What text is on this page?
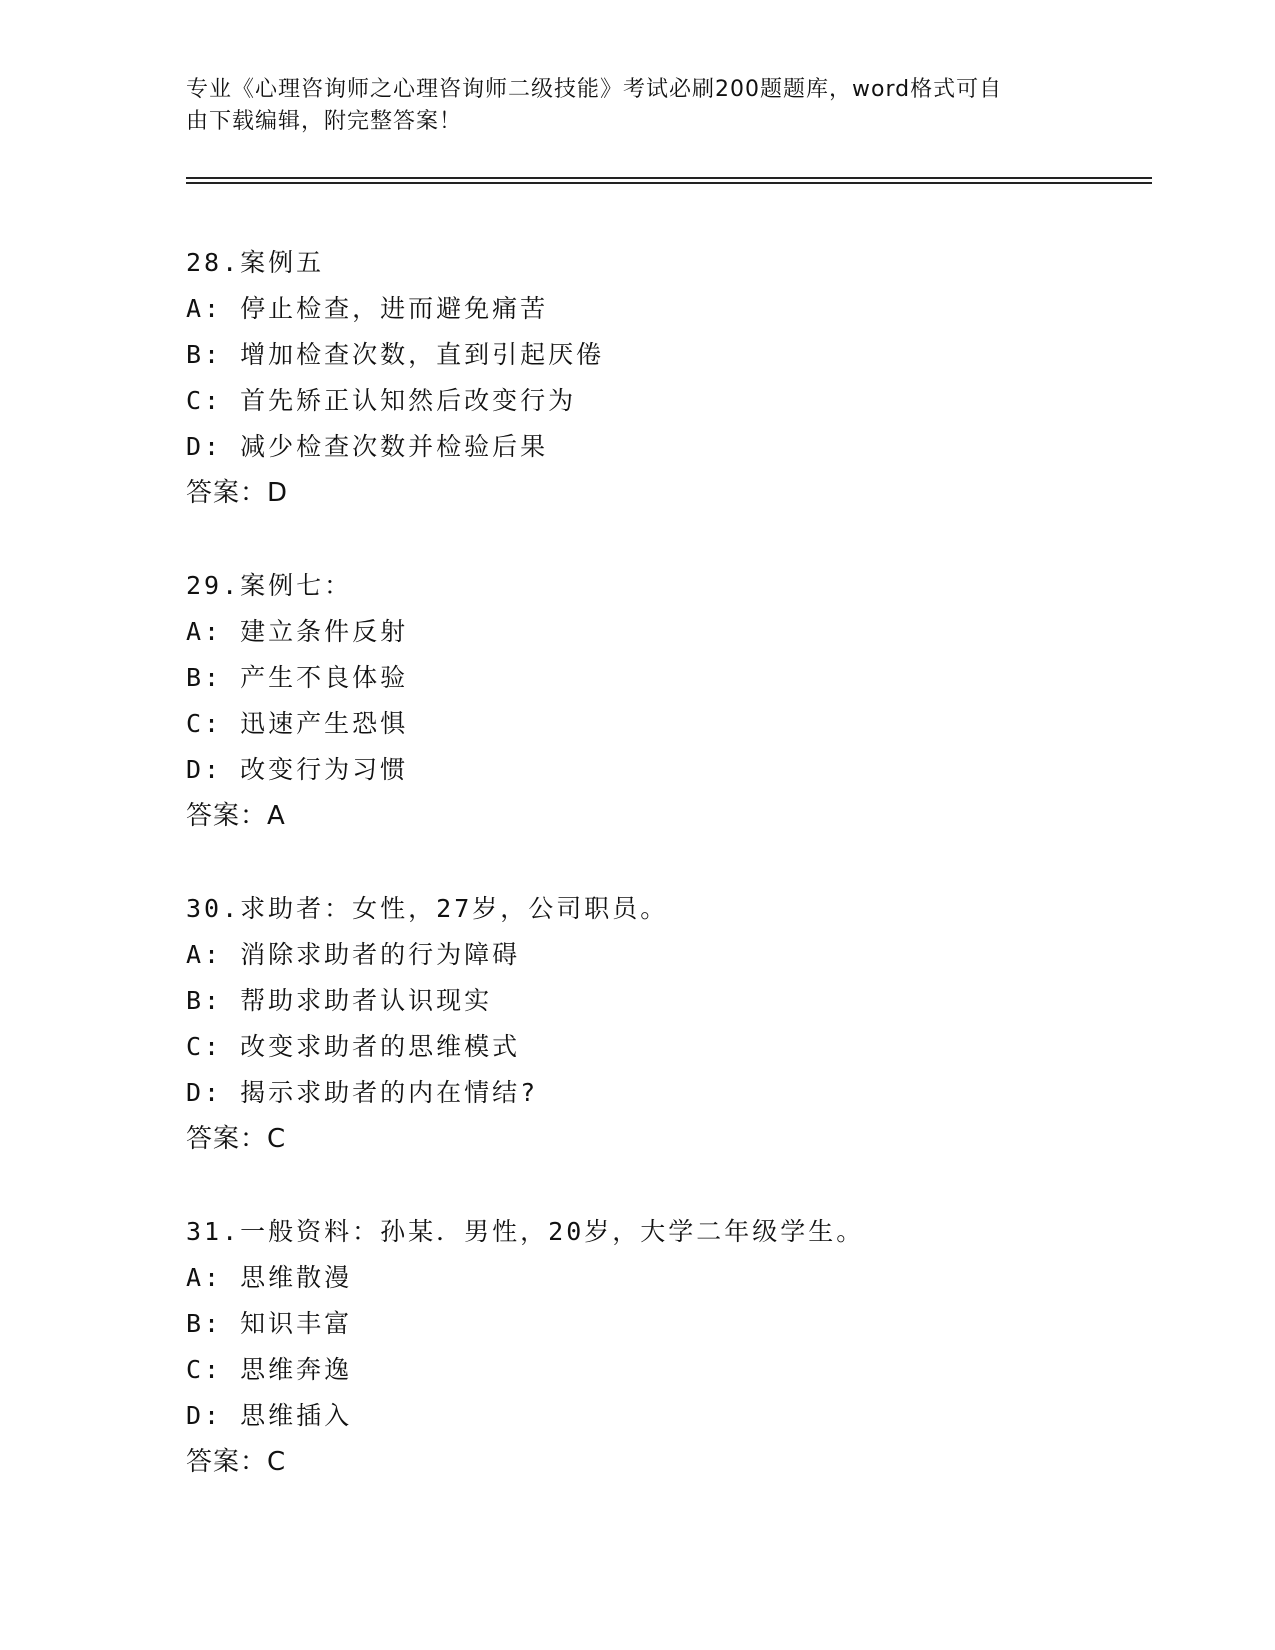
专业《心理咨询师之心理咨询师二级技能》考试必刷200题题库，word格式可自
由下载编辑，附完整答案！
28.案例五
A: 停止检查，进而避免痛苦
B: 增加检查次数，直到引起厌倦
C: 首先矫正认知然后改变行为
D: 减少检查次数并检验后果
答案：D
29.案例七：
A: 建立条件反射
B: 产生不良体验
C: 迅速产生恐惧
D: 改变行为习惯
答案：A
30.求助者：女性，27岁，公司职员。
A: 消除求助者的行为障碍
B: 帮助求助者认识现实
C: 改变求助者的思维模式
D: 揭示求助者的内在情结?
答案：C
31.一般资料：孙某．男性，20岁，大学二年级学生。
A: 思维散漫
B: 知识丰富
C: 思维奔逸
D: 思维插入
答案：C
